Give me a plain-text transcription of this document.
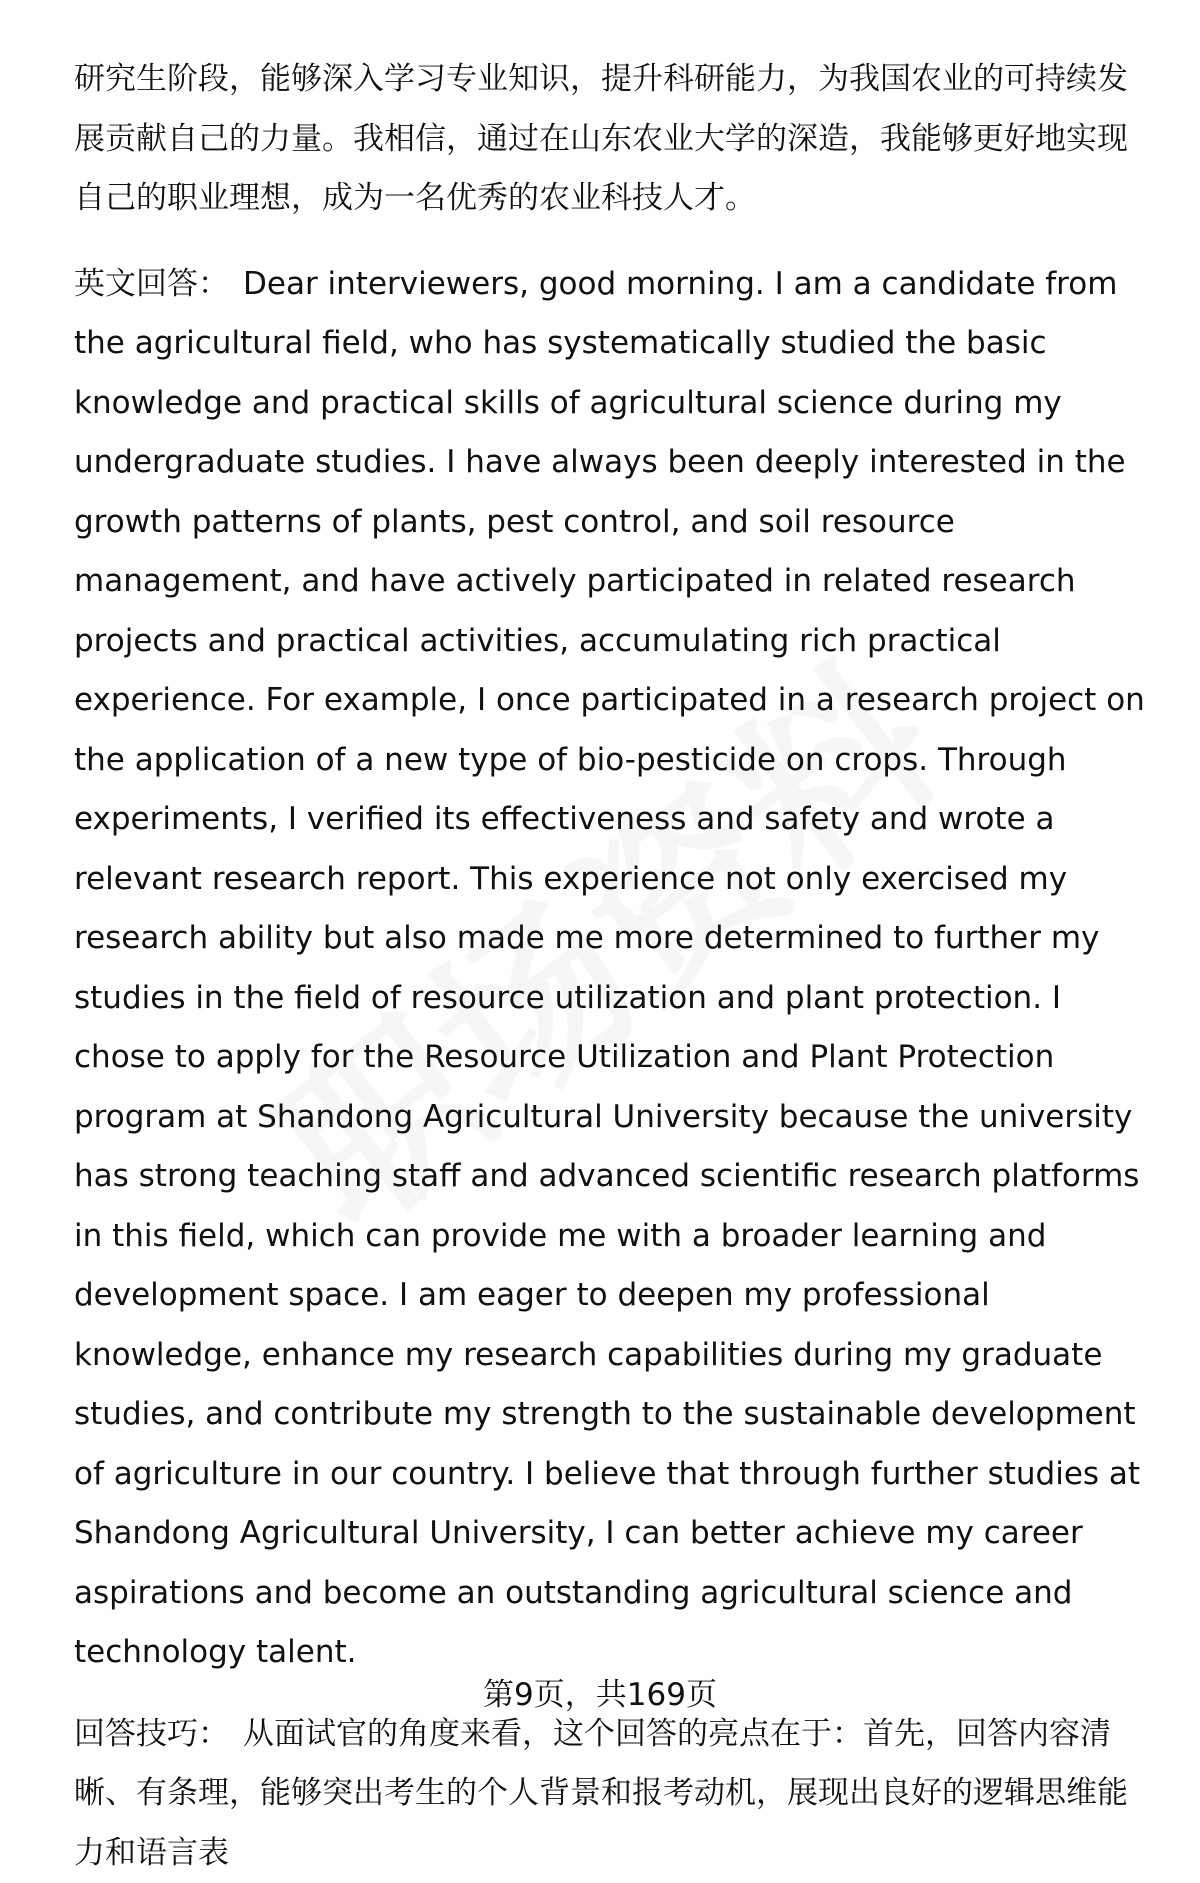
研究生阶段，能够深入学习专业知识，提升科研能力，为我国农业的可持续发展贡献自己的力量。我相信，通过在山东农业大学的深造，我能够更好地实现自己的职业理想，成为一名优秀的农业科技人才。

英文回答： Dear interviewers, good morning. I am a candidate from the agricultural field, who has systematically studied the basic knowledge and practical skills of agricultural science during my undergraduate studies. I have always been deeply interested in the growth patterns of plants, pest control, and soil resource management, and have actively participated in related research projects and practical activities, accumulating rich practical experience. For example, I once participated in a research project on the application of a new type of bio-pesticide on crops. Through experiments, I verified its effectiveness and safety and wrote a relevant research report. This experience not only exercised my research ability but also made me more determined to further my studies in the field of resource utilization and plant protection. I chose to apply for the Resource Utilization and Plant Protection program at Shandong Agricultural University because the university has strong teaching staff and advanced scientific research platforms in this field, which can provide me with a broader learning and development space. I am eager to deepen my professional knowledge, enhance my research capabilities during my graduate studies, and contribute my strength to the sustainable development of agriculture in our country. I believe that through further studies at Shandong Agricultural University, I can better achieve my career aspirations and become an outstanding agricultural science and technology talent.

回答技巧： 从面试官的角度来看，这个回答的亮点在于：首先，回答内容清晰、有条理，能够突出考生的个人背景和报考动机，展现出良好的逻辑思维能力和语言表

第9页，共169页
